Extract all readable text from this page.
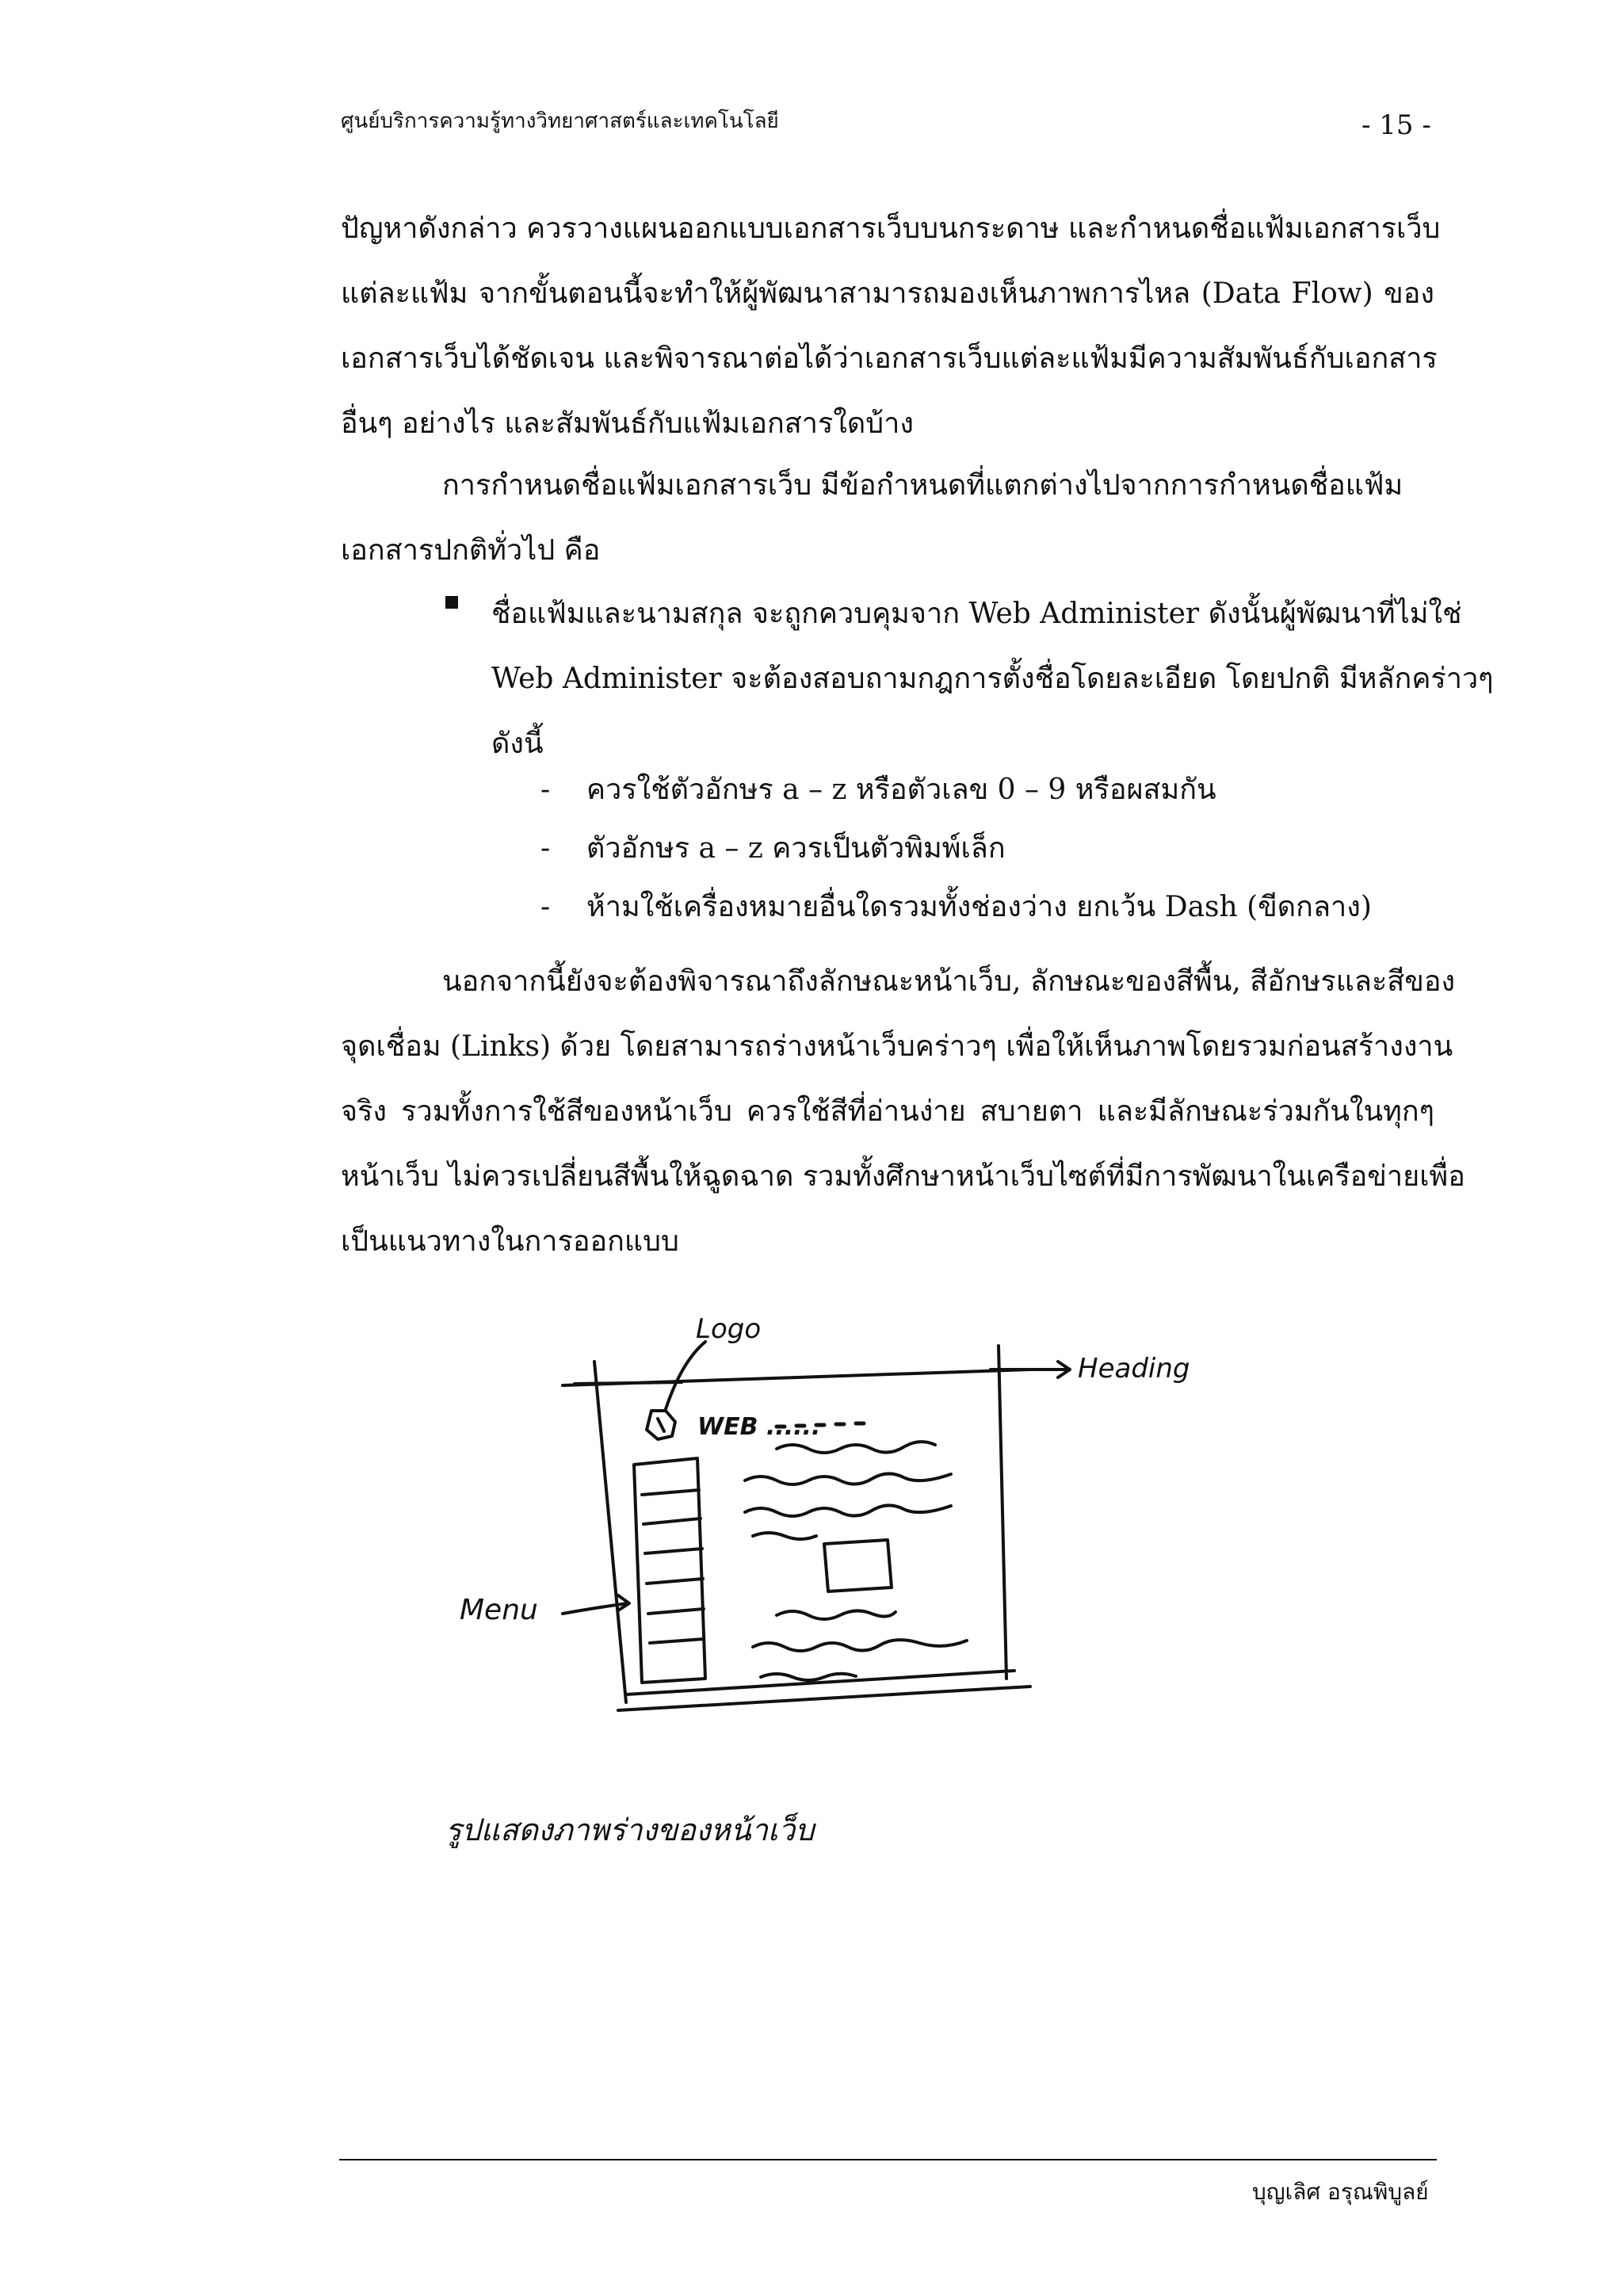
ศูนย์บริการความรู้ทางวิทยาศาสตร์และเทคโนโลยี	- 15 -
ปัญหาดังกล่าว ควรวางแผนออกแบบเอกสารเว็บบนกระดาษ และกำหนดชื่อแฟ้มเอกสารเว็บ
แต่ละแฟ้ม จากขั้นตอนนี้จะทำให้ผู้พัฒนาสามารถมองเห็นภาพการไหล (Data Flow) ของ
เอกสารเว็บได้ชัดเจน และพิจารณาต่อได้ว่าเอกสารเว็บแต่ละแฟ้มมีความสัมพันธ์กับเอกสาร
อื่นๆ อย่างไร และสัมพันธ์กับแฟ้มเอกสารใดบ้าง
การกำหนดชื่อแฟ้มเอกสารเว็บ มีข้อกำหนดที่แตกต่างไปจากการกำหนดชื่อแฟ้ม
เอกสารปกติทั่วไป คือ
ชื่อแฟ้มและนามสกุล จะถูกควบคุมจาก Web Administer ดังนั้นผู้พัฒนาที่ไม่ใช่
Web Administer จะต้องสอบถามกฎการตั้งชื่อโดยละเอียด โดยปกติ มีหลักคร่าวๆ
ดังนี้
- ควรใช้ตัวอักษร a – z หรือตัวเลข 0 – 9 หรือผสมกัน
- ตัวอักษร a – z ควรเป็นตัวพิมพ์เล็ก
- ห้ามใช้เครื่องหมายอื่นใดรวมทั้งช่องว่าง ยกเว้น Dash (ขีดกลาง)
นอกจากนี้ยังจะต้องพิจารณาถึงลักษณะหน้าเว็บ, ลักษณะของสีพื้น, สีอักษรและสีของ
จุดเชื่อม (Links) ด้วย โดยสามารถร่างหน้าเว็บคร่าวๆ เพื่อให้เห็นภาพโดยรวมก่อนสร้างงาน
จริง รวมทั้งการใช้สีของหน้าเว็บ ควรใช้สีที่อ่านง่าย สบายตา และมีลักษณะร่วมกันในทุกๆ
หน้าเว็บ ไม่ควรเปลี่ยนสีพื้นให้ฉูดฉาด รวมทั้งศึกษาหน้าเว็บไซต์ที่มีการพัฒนาในเครือข่ายเพื่อ
เป็นแนวทางในการออกแบบ
Logo
Heading
Menu
WEB ......
รูปแสดงภาพร่างของหน้าเว็บ
บุญเลิศ อรุณพิบูลย์
